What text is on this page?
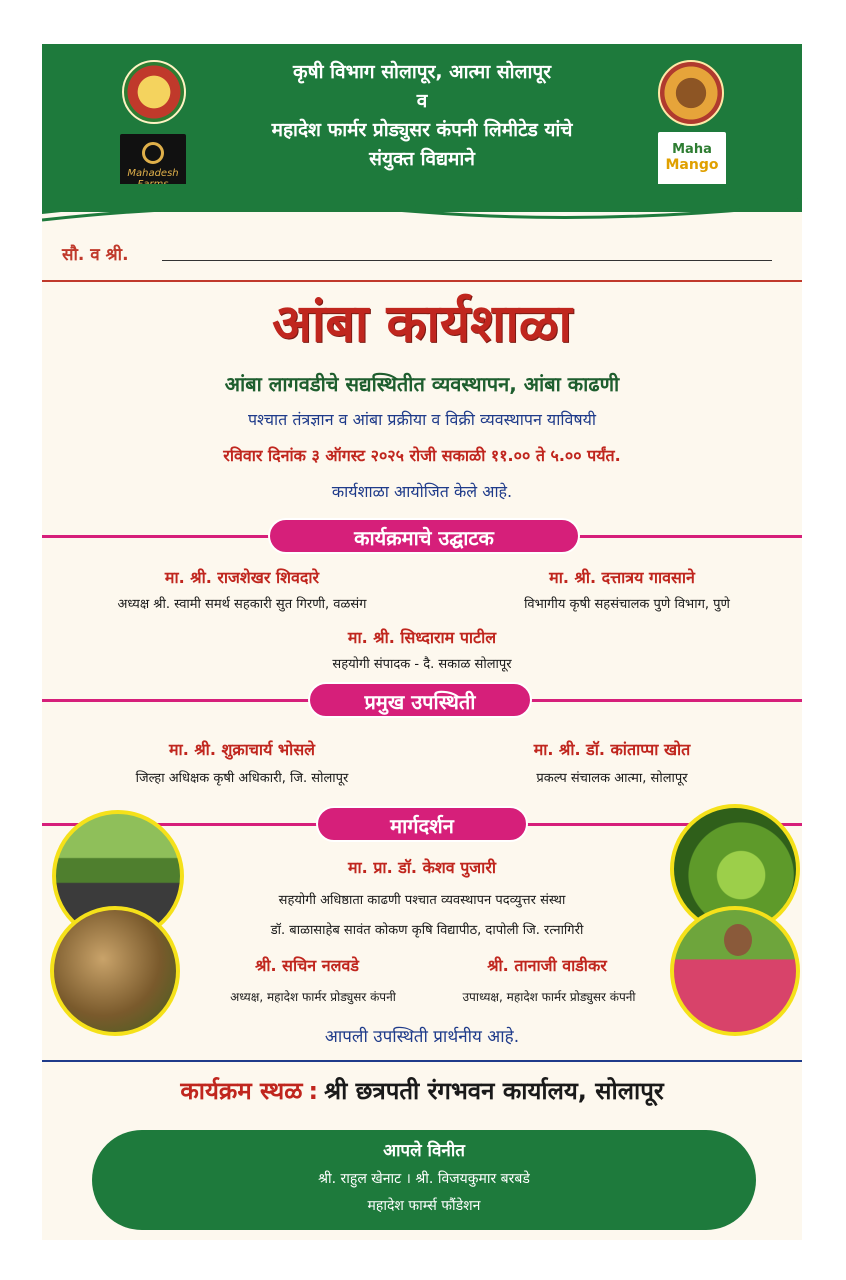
Mahadesh
Maha
Mango
कृषी विभाग सोलापूर, आत्मा सोलापूर
व
महादेश फार्मर प्रोड्युसर कंपनी लिमीटेड यांचे
संयुक्त विद्यमाने
सौ. व श्री.
आंबा कार्यशाळा
आंबा लागवडीचे सद्यस्थितीत व्यवस्थापन, आंबा काढणी
पश्चात तंत्रज्ञान व आंबा प्रक्रीया व विक्री व्यवस्थापन याविषयी
रविवार दिनांक ३ ऑगस्ट २०२५ रोजी सकाळी ११.०० ते ५.०० पर्यंत.
कार्यशाळा आयोजित केले आहे.
कार्यक्रमाचे उद्घाटक
मा. श्री. राजशेखर शिवदारे
अध्यक्ष श्री. स्वामी समर्थ सहकारी सुत गिरणी, वळसंग
मा. श्री. दत्तात्रय गावसाने
विभागीय कृषी सहसंचालक पुणे विभाग, पुणे
मा. श्री. सिध्दाराम पाटील
सहयोगी संपादक - दै. सकाळ सोलापूर
प्रमुख उपस्थिती
मा. श्री. शुक्राचार्य भोसले
जिल्हा अधिक्षक कृषी अधिकारी, जि. सोलापूर
मा. श्री. डॉ. कांताप्पा खोत
प्रकल्प संचालक आत्मा, सोलापूर
मार्गदर्शन
मा. प्रा. डॉ. केशव पुजारी
सहयोगी अधिष्ठाता काढणी पश्चात व्यवस्थापन पदव्युत्तर संस्था
डॉ. बाळासाहेब सावंत कोकण कृषि विद्यापीठ, दापोली जि. रत्नागिरी
श्री. सचिन नलवडे
अध्यक्ष, महादेश फार्मर प्रोड्युसर कंपनी
श्री. तानाजी वाडीकर
उपाध्यक्ष, महादेश फार्मर प्रोड्युसर कंपनी
आपली उपस्थिती प्रार्थनीय आहे.
कार्यक्रम स्थळ : श्री छत्रपती रंगभवन कार्यालय, सोलापूर
आपले विनीत
श्री. राहुल खेनाट । श्री. विजयकुमार बरबडे
महादेश फार्म्स फौंडेशन
